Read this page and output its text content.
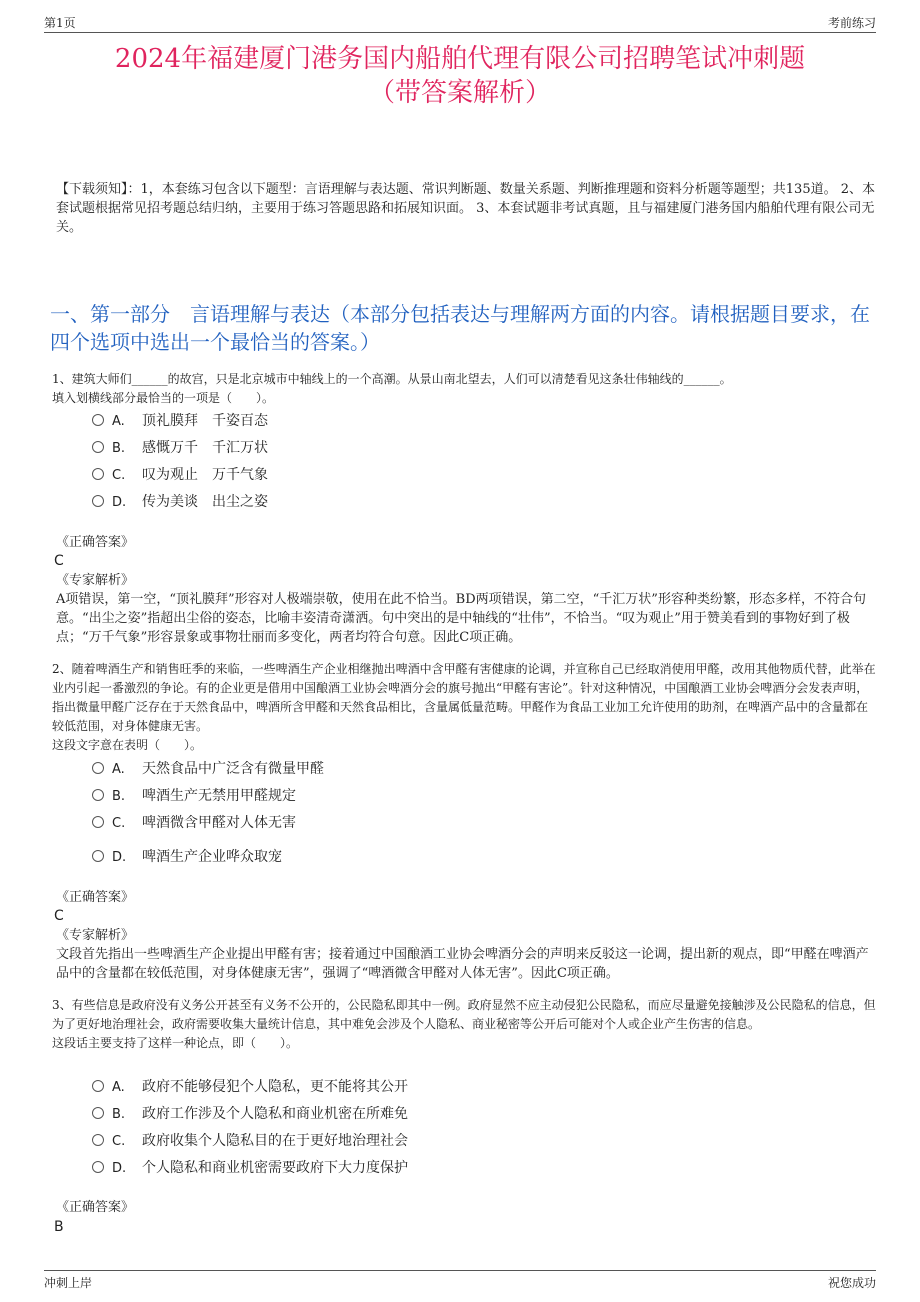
第1页	考前练习
2024年福建厦门港务国内船舶代理有限公司招聘笔试冲刺题
（带答案解析）
【下载须知】：1，本套练习包含以下题型：言语理解与表达题、常识判断题、数量关系题、判断推理题和资料分析题等题型；共135道。 2、本套试题根据常见招考题总结归纳，主要用于练习答题思路和拓展知识面。 3、本套试题非考试真题，且与福建厦门港务国内船舶代理有限公司无关。
一、第一部分　言语理解与表达（本部分包括表达与理解两方面的内容。请根据题目要求，在四个选项中选出一个最恰当的答案。）
1、建筑大师们______的故宫，只是北京城市中轴线上的一个高潮。从景山南北望去，人们可以清楚看见这条壮伟轴线的______。
填入划横线部分最恰当的一项是（　　）。
A. 顶礼膜拜　千姿百态
B. 感慨万千　千汇万状
C. 叹为观止　万千气象
D. 传为美谈　出尘之姿
《正确答案》
C
《专家解析》
A项错误，第一空，“顶礼膜拜”形容对人极端崇敬，使用在此不恰当。BD两项错误，第二空，“千汇万状”形容种类纷繁，形态多样，不符合句意。“出尘之姿”指超出尘俗的姿态，比喻丰姿清奇潇洒。句中突出的是中轴线的“壮伟”，不恰当。“叹为观止”用于赞美看到的事物好到了极点；“万千气象”形容景象或事物壮丽而多变化，两者均符合句意。因此C项正确。
2、随着啤酒生产和销售旺季的来临，一些啤酒生产企业相继抛出啤酒中含甲醛有害健康的论调，并宣称自己已经取消使用甲醛，改用其他物质代替，此举在业内引起一番激烈的争论。有的企业更是借用中国酿酒工业协会啤酒分会的旗号抛出“甲醛有害论”。针对这种情况，中国酿酒工业协会啤酒分会发表声明，指出微量甲醛广泛存在于天然食品中，啤酒所含甲醛和天然食品相比，含量属低量范畴。甲醛作为食品工业加工允许使用的助剂，在啤酒产品中的含量都在较低范围，对身体健康无害。
这段文字意在表明（　　）。
A. 天然食品中广泛含有微量甲醛
B. 啤酒生产无禁用甲醛规定
C. 啤酒微含甲醛对人体无害
D. 啤酒生产企业哗众取宠
《正确答案》
C
《专家解析》
文段首先指出一些啤酒生产企业提出甲醛有害；接着通过中国酿酒工业协会啤酒分会的声明来反驳这一论调，提出新的观点，即“甲醛在啤酒产品中的含量都在较低范围，对身体健康无害”，强调了“啤酒微含甲醛对人体无害”。因此C项正确。
3、有些信息是政府没有义务公开甚至有义务不公开的，公民隐私即其中一例。政府显然不应主动侵犯公民隐私，而应尽量避免接触涉及公民隐私的信息，但为了更好地治理社会，政府需要收集大量统计信息，其中难免会涉及个人隐私、商业秘密等公开后可能对个人或企业产生伤害的信息。
这段话主要支持了这样一种论点，即（　　）。
A. 政府不能够侵犯个人隐私，更不能将其公开
B. 政府工作涉及个人隐私和商业机密在所难免
C. 政府收集个人隐私目的在于更好地治理社会
D. 个人隐私和商业机密需要政府下大力度保护
《正确答案》
B
冲刺上岸	祝您成功
